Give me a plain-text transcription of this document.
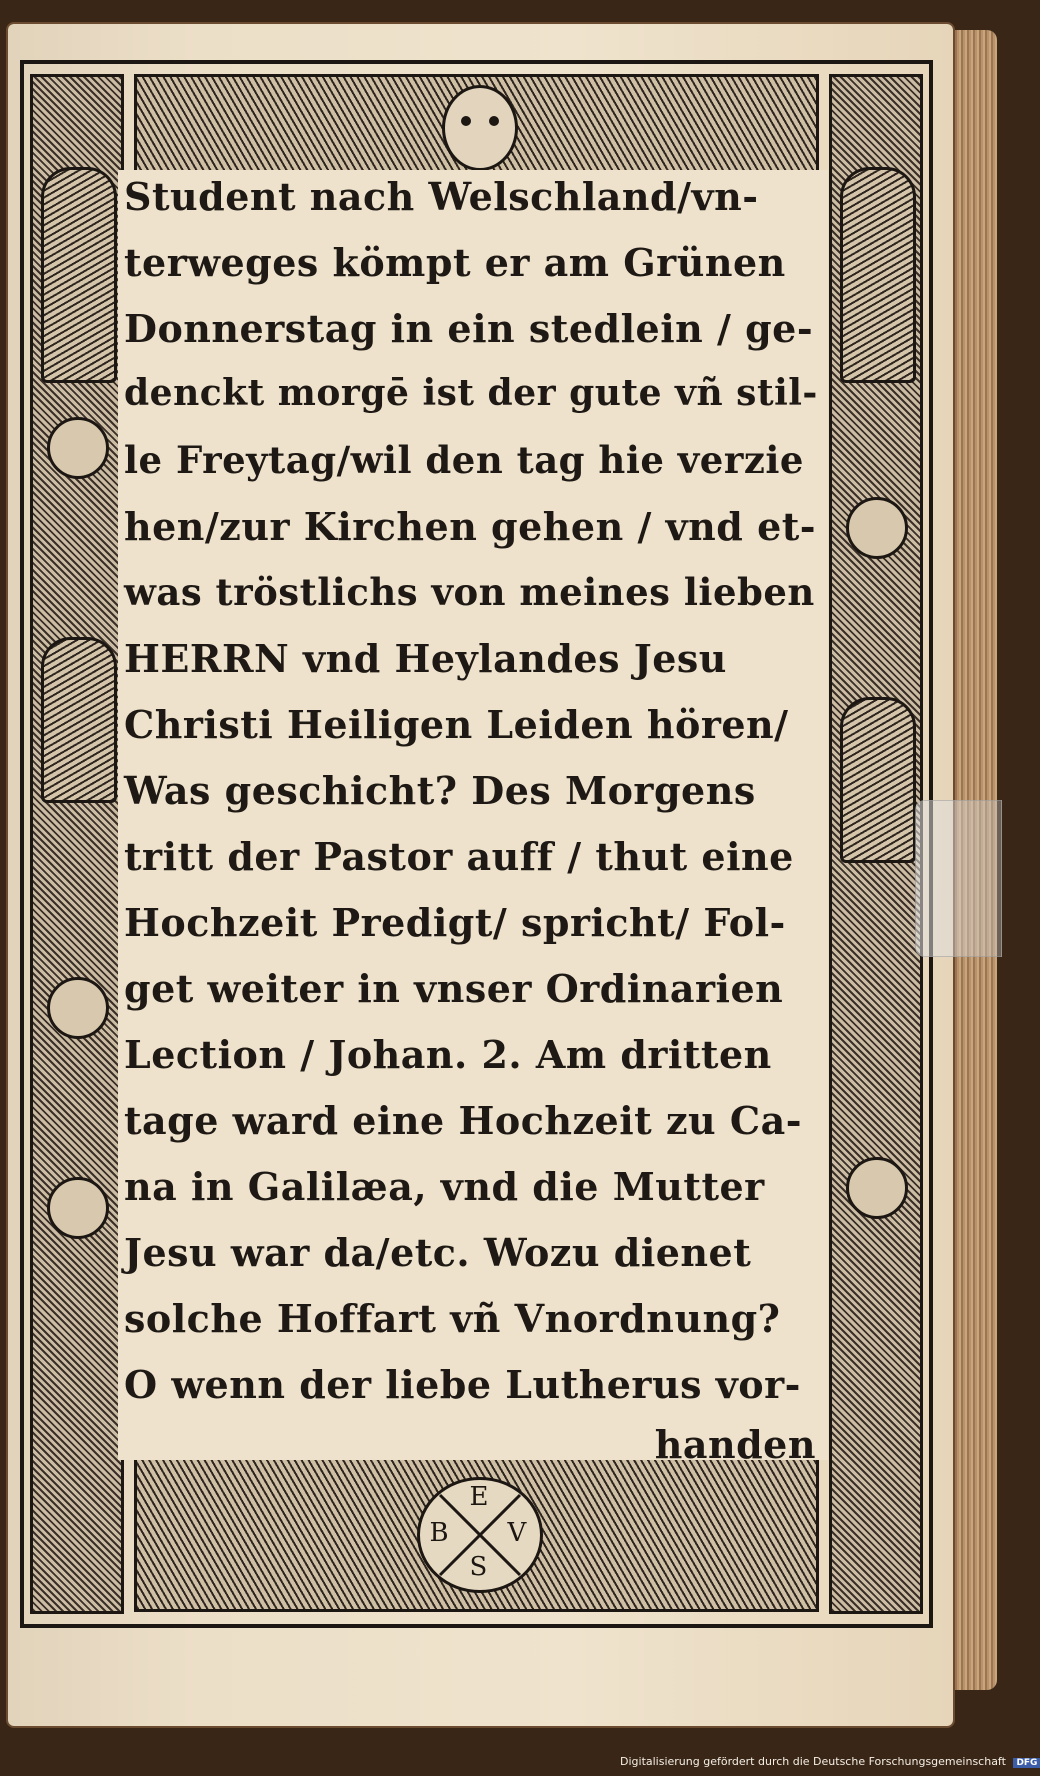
E
B V
S
Student nach Welschland/vn-
terweges kömpt er am Grünen
Donnerstag in ein stedlein / ge-
denckt morgē ist der gute vñ stil-
le Freytag/wil den tag hie verzie
hen/zur Kirchen gehen / vnd et-
was tröstlichs von meines lieben
HERRN vnd Heylandes Jesu
Christi Heiligen Leiden hören/
Was geschicht? Des Morgens
tritt der Pastor auff / thut eine
Hochzeit Predigt/ spricht/ Fol-
get weiter in vnser Ordinarien
Lection / Johan. 2. Am dritten
tage ward eine Hochzeit zu Ca-
na in Galilæa, vnd die Mutter
Jesu war da/etc. Wozu dienet
solche Hoffart vñ Vnordnung?
O wenn der liebe Lutherus vor-
handen
Digitalisierung gefördert durch die Deutsche Forschungsgemeinschaft DFG
